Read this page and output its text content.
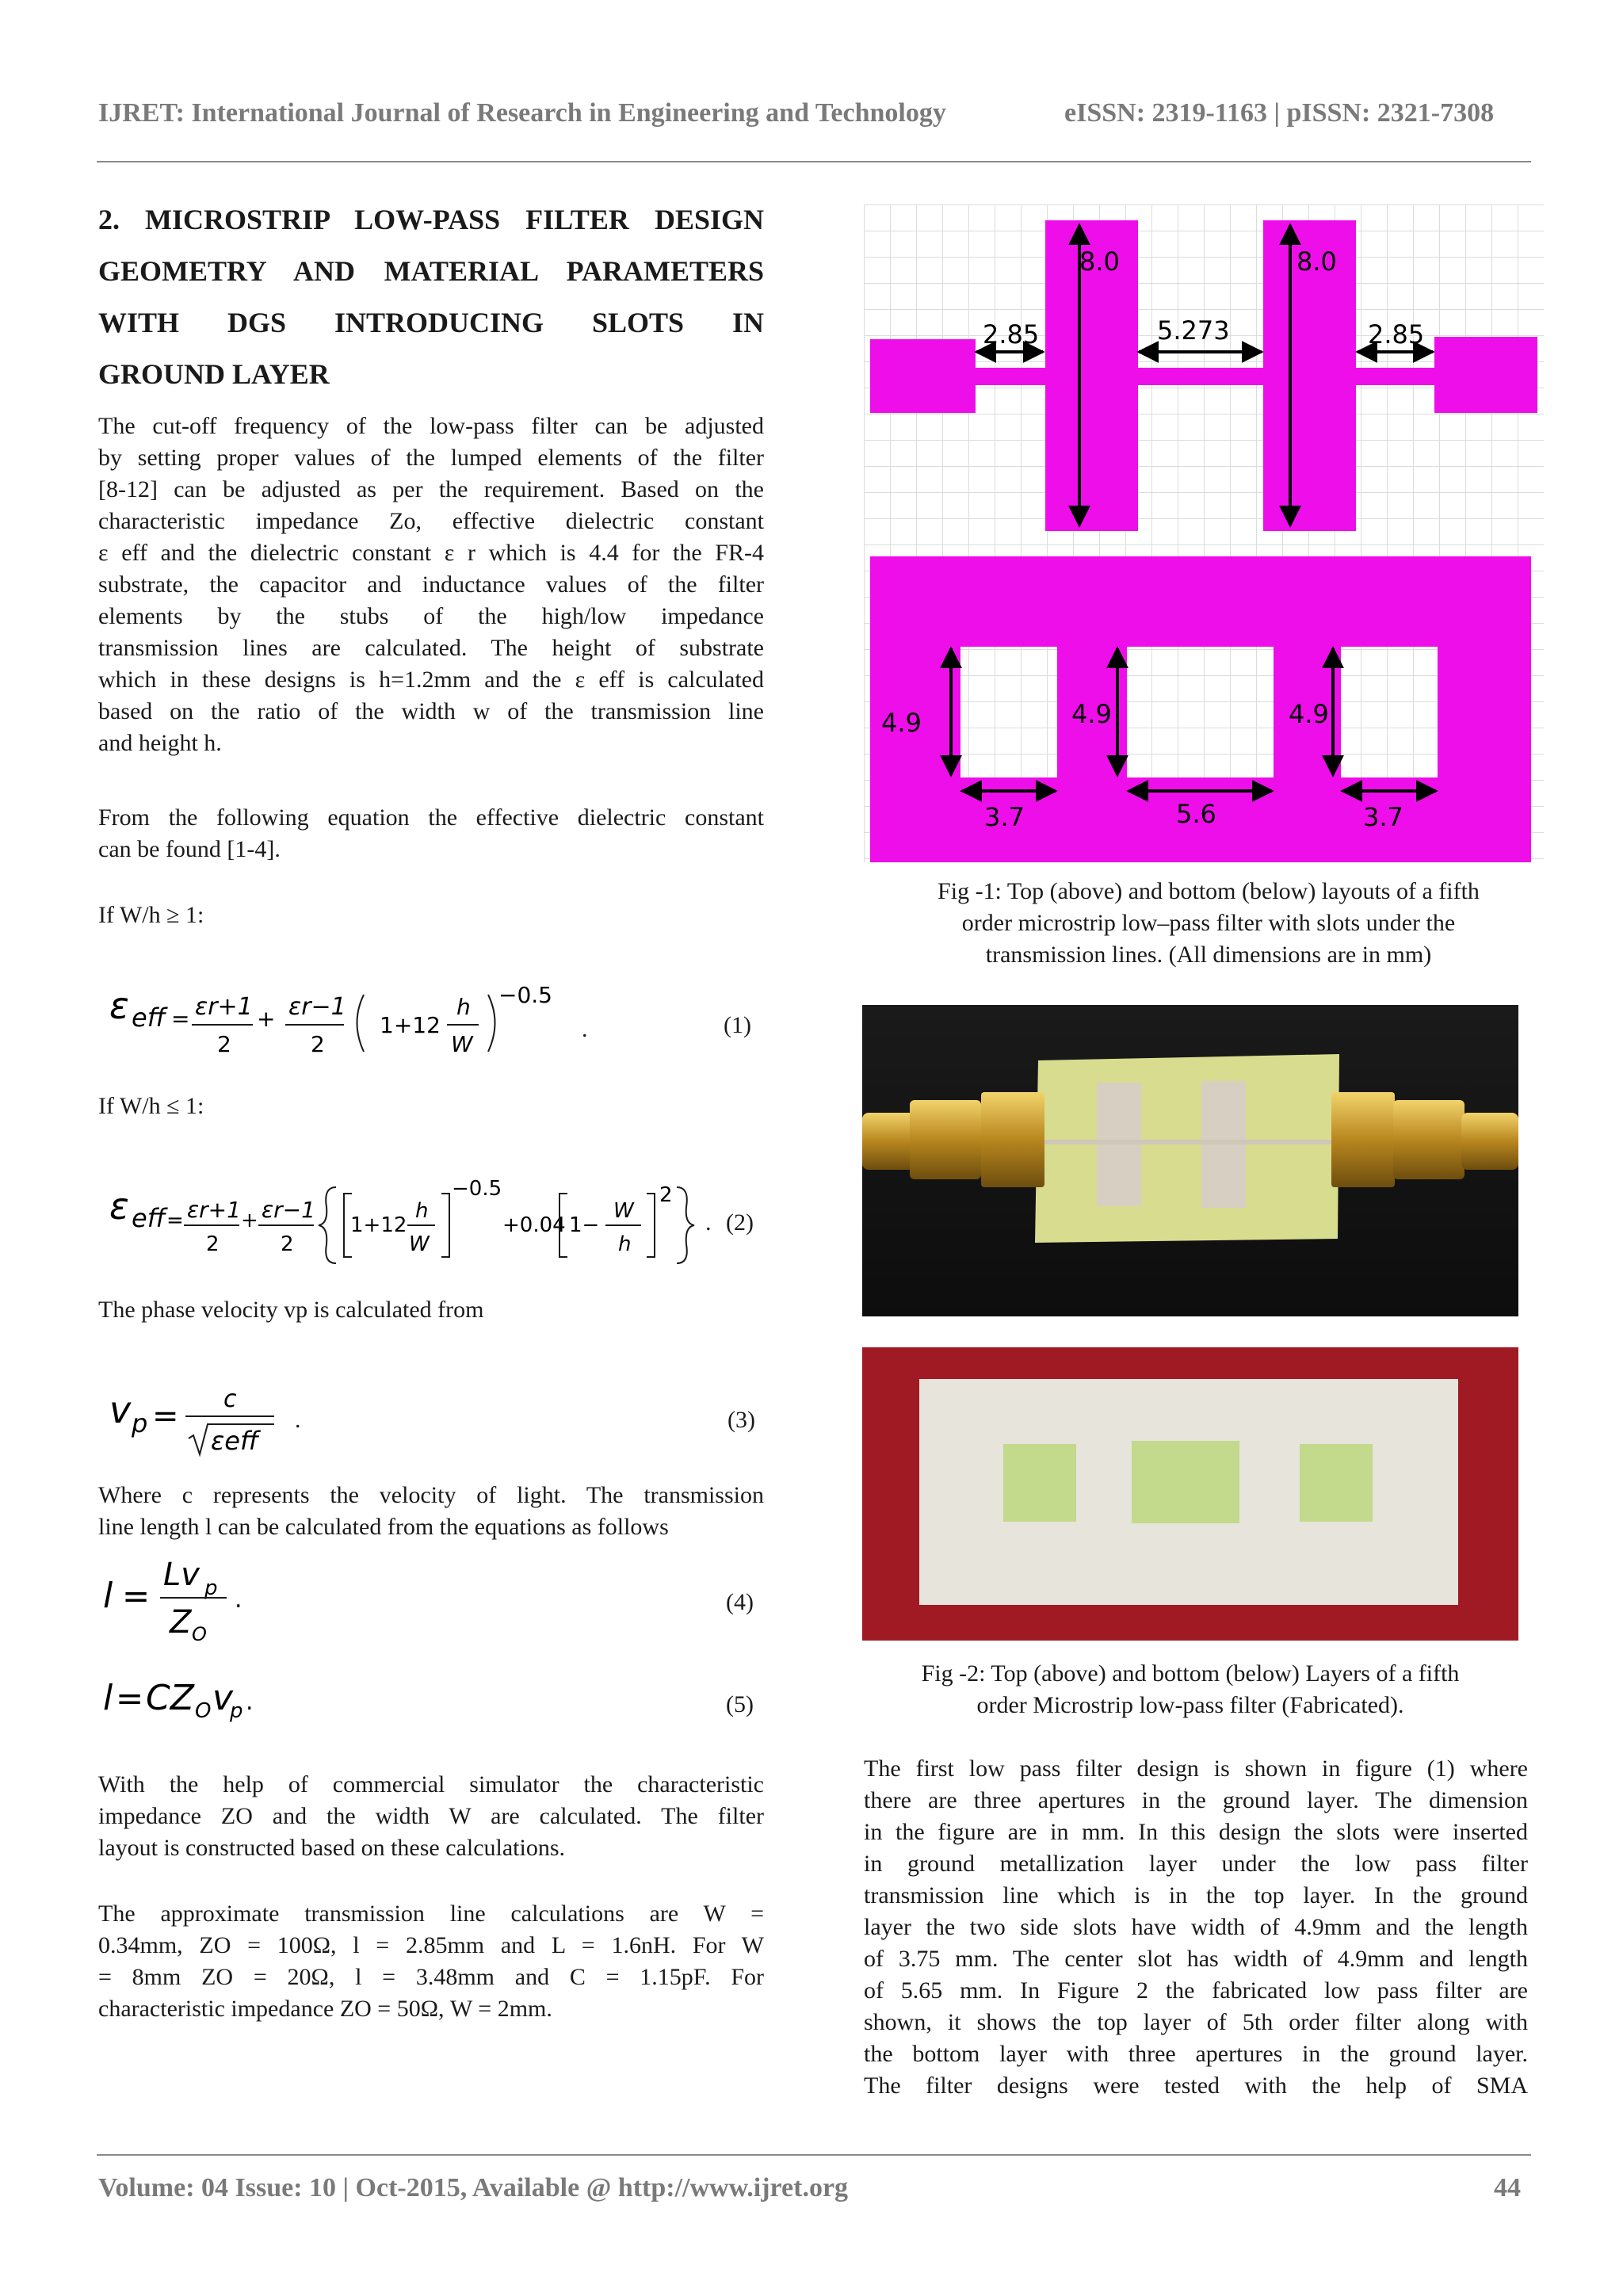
IJRET: International Journal of Research in Engineering and Technology	eISSN: 2319-1163 | pISSN: 2321-7308
2. MICROSTRIP LOW-PASS FILTER DESIGN
GEOMETRY AND MATERIAL PARAMETERS
WITH DGS INTRODUCING SLOTS IN
GROUND LAYER
The cut-off frequency of the low-pass filter can be adjusted
by setting proper values of the lumped elements of the filter
[8-12] can be adjusted as per the requirement. Based on the
characteristic impedance Zo, effective dielectric constant
ε eff and the dielectric constant ε r which is 4.4 for the FR-4
substrate, the capacitor and inductance values of the filter
elements by the stubs of the high/low impedance
transmission lines are calculated. The height of substrate
which in these designs is h=1.2mm and the ε eff is calculated
based on the ratio of the width w of the transmission line
and height h.
From the following equation the effective dielectric constant
can be found [1-4].
If W/h ≥ 1:
ε eff = εr+1
2
+ εr−1
2
1+12
h
W
−0.5
.	(1)
If W/h ≤ 1:
ε eff = εr+1
2
+ εr−1
2
1+12
h
W
−0.5
+0.04 1−
W
h
2
. (2)
The phase velocity vp is calculated from
v p = c
εeff
.	(3)
Where c represents the velocity of light. The transmission
line length l can be calculated from the equations as follows
l =
Lv p
Z O
.	(4)
l = CZ O v
p .	(5)
With the help of commercial simulator the characteristic
impedance ZO and the width W are calculated. The filter
layout is constructed based on these calculations.
The approximate transmission line calculations are W =
0.34mm, ZO = 100Ω, l = 2.85mm and L = 1.6nH. For W
= 8mm ZO = 20Ω, l = 3.48mm and C = 1.15pF. For
characteristic impedance ZO = 50Ω, W = 2mm.
8.0	8.0
2.85	5.273	2.85
4.9	4.9	4.9
3.7	5.6	3.7
Fig -1: Top (above) and bottom (below) layouts of a fifth
order microstrip low–pass filter with slots under the
transmission lines. (All dimensions are in mm)
Fig -2: Top (above) and bottom (below) Layers of a fifth
order Microstrip low-pass filter (Fabricated).
The first low pass filter design is shown in figure (1) where
there are three apertures in the ground layer. The dimension
in the figure are in mm. In this design the slots were inserted
in ground metallization layer under the low pass filter
transmission line which is in the top layer. In the ground
layer the two side slots have width of 4.9mm and the length
of 3.75 mm. The center slot has width of 4.9mm and length
of 5.65 mm. In Figure 2 the fabricated low pass filter are
shown, it shows the top layer of 5th order filter along with
the bottom layer with three apertures in the ground layer.
The filter designs were tested with the help of SMA
Volume: 04 Issue: 10 | Oct-2015, Available @ http://www.ijret.org	44
